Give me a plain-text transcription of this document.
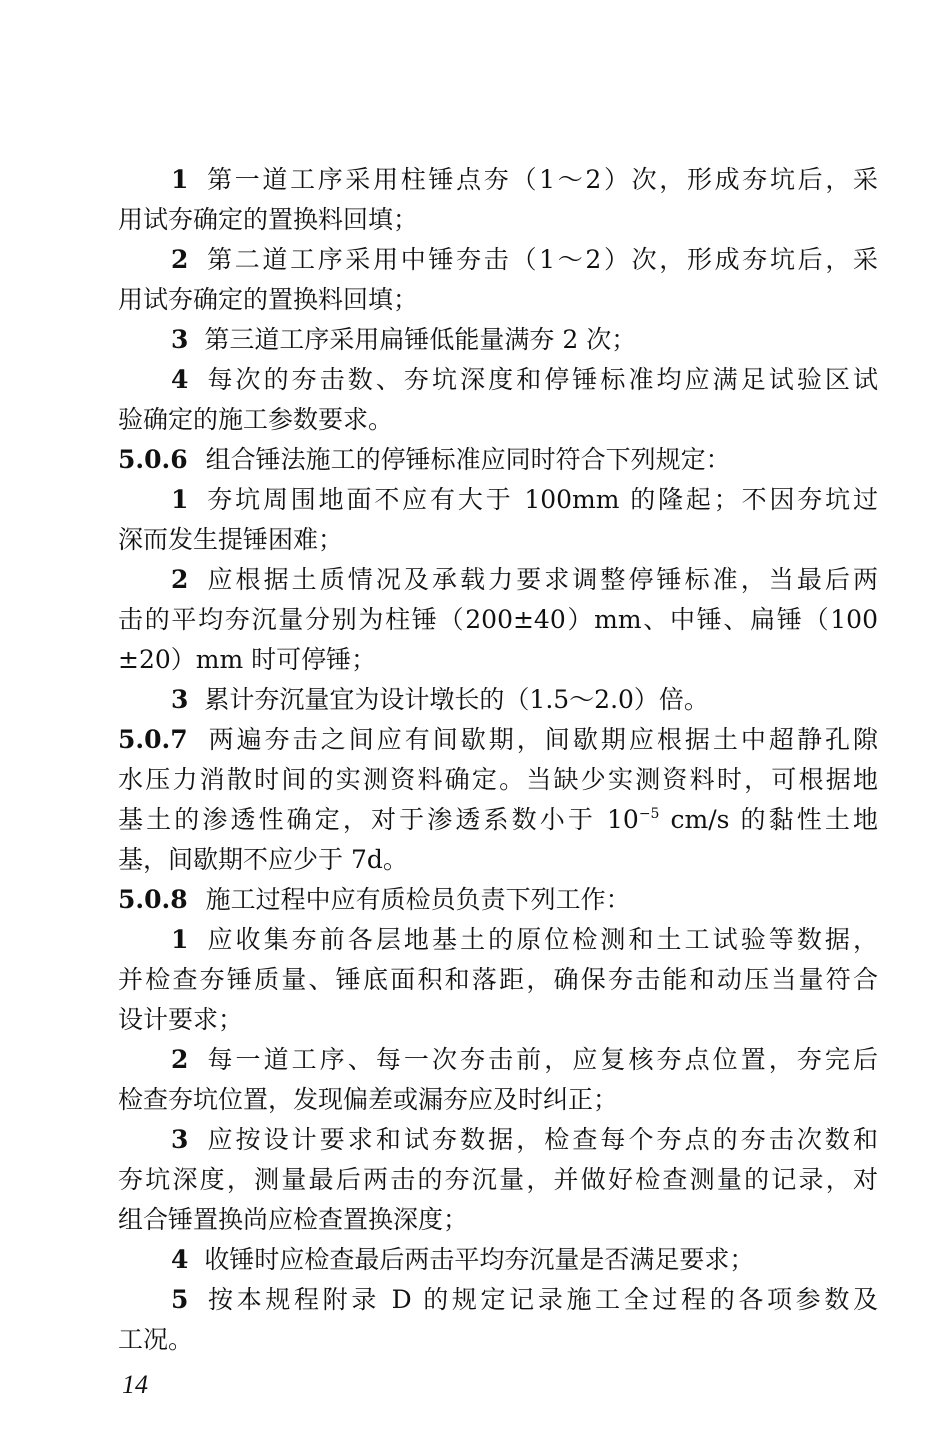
1 第一道工序采用柱锤点夯（1～2）次，形成夯坑后，采
用试夯确定的置换料回填；
2 第二道工序采用中锤夯击（1～2）次，形成夯坑后，采
用试夯确定的置换料回填；
3 第三道工序采用扁锤低能量满夯 2 次；
4 每次的夯击数、夯坑深度和停锤标准均应满足试验区试
验确定的施工参数要求。
5.0.6 组合锤法施工的停锤标准应同时符合下列规定：
1 夯坑周围地面不应有大于 100mm 的隆起；不因夯坑过
深而发生提锤困难；
2 应根据土质情况及承载力要求调整停锤标准，当最后两
击的平均夯沉量分别为柱锤（200±40）mm、中锤、扁锤（100
±20）mm 时可停锤；
3 累计夯沉量宜为设计墩长的（1.5～2.0）倍。
5.0.7 两遍夯击之间应有间歇期，间歇期应根据土中超静孔隙
水压力消散时间的实测资料确定。当缺少实测资料时，可根据地
基土的渗透性确定，对于渗透系数小于 $10^{-5}$ cm/s 的黏性土地
基，间歇期不应少于 7d。
5.0.8 施工过程中应有质检员负责下列工作：
1 应收集夯前各层地基土的原位检测和土工试验等数据，
并检查夯锤质量、锤底面积和落距，确保夯击能和动压当量符合
设计要求；
2 每一道工序、每一次夯击前，应复核夯点位置，夯完后
检查夯坑位置，发现偏差或漏夯应及时纠正；
3 应按设计要求和试夯数据，检查每个夯点的夯击次数和
夯坑深度，测量最后两击的夯沉量，并做好检查测量的记录，对
组合锤置换尚应检查置换深度；
4 收锤时应检查最后两击平均夯沉量是否满足要求；
5 按本规程附录 D 的规定记录施工全过程的各项参数及
工况。
14
